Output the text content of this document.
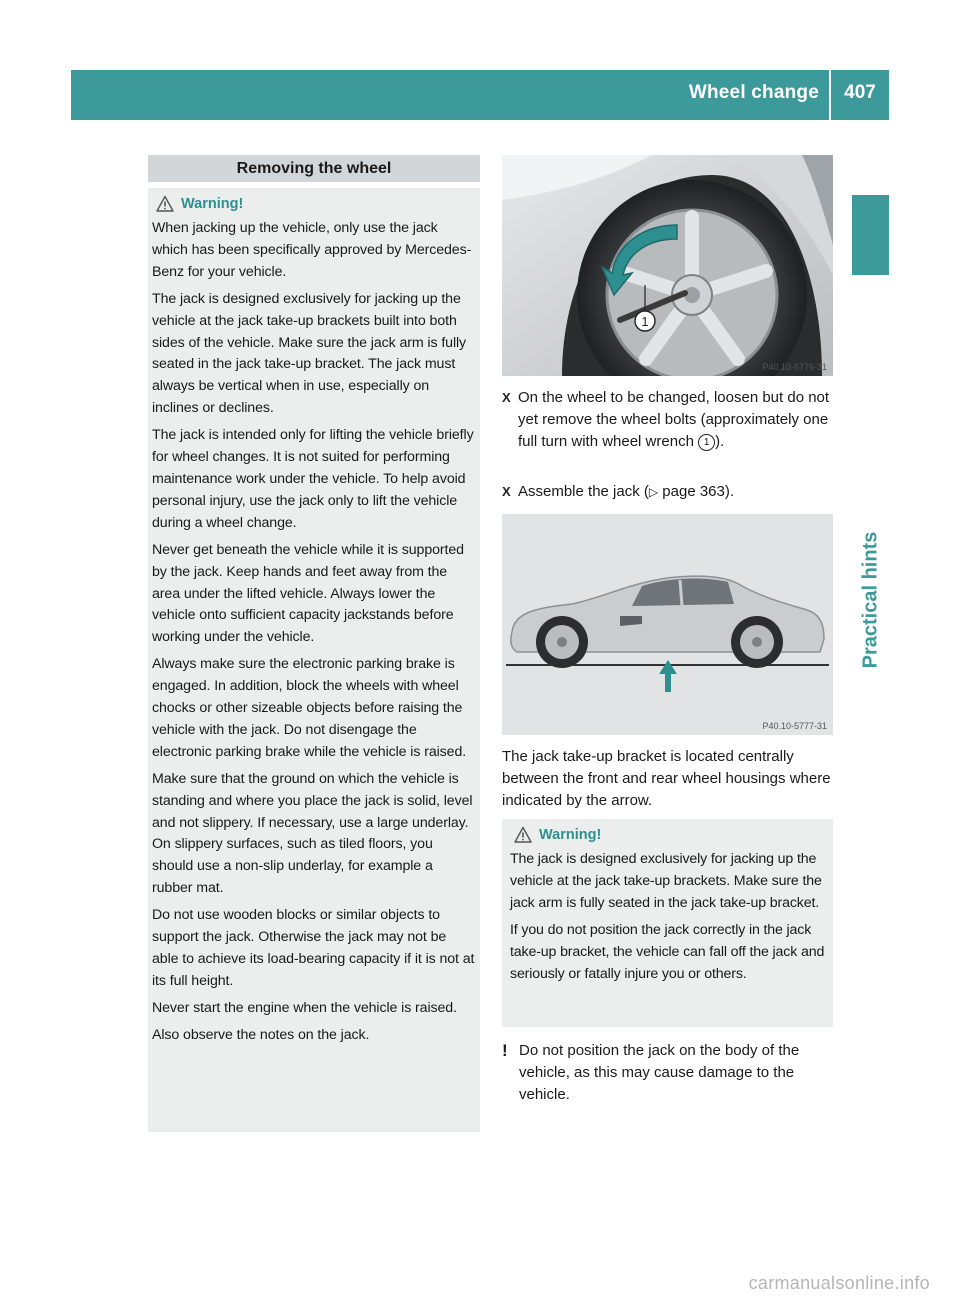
Wheel change	407
Practical hints
Removing the wheel
Warning!

When jacking up the vehicle, only use the jack which has been specifically approved by Mercedes-Benz for your vehicle.

The jack is designed exclusively for jacking up the vehicle at the jack take-up brackets built into both sides of the vehicle. Make sure the jack arm is fully seated in the jack take-up bracket. The jack must always be vertical when in use, especially on inclines or declines.

The jack is intended only for lifting the vehicle briefly for wheel changes. It is not suited for performing maintenance work under the vehicle. To help avoid personal injury, use the jack only to lift the vehicle during a wheel change.

Never get beneath the vehicle while it is supported by the jack. Keep hands and feet away from the area under the lifted vehicle. Always lower the vehicle onto sufficient capacity jackstands before working under the vehicle.

Always make sure the electronic parking brake is engaged. In addition, block the wheels with wheel chocks or other sizeable objects before raising the vehicle with the jack. Do not disengage the electronic parking brake while the vehicle is raised.

Make sure that the ground on which the vehicle is standing and where you place the jack is solid, level and not slippery. If necessary, use a large underlay. On slippery surfaces, such as tiled floors, you should use a non-slip underlay, for example a rubber mat.

Do not use wooden blocks or similar objects to support the jack. Otherwise the jack may not be able to achieve its load-bearing capacity if it is not at its full height.

Never start the engine when the vehicle is raised.

Also observe the notes on the jack.

1
P40.10-5776-31
X On the wheel to be changed, loosen but do not yet remove the wheel bolts (approximately one full turn with wheel wrench 1 ).
X Assemble the jack (▷ page 363).
P40.10-5777-31
The jack take-up bracket is located centrally between the front and rear wheel housings where indicated by the arrow.
Warning!

The jack is designed exclusively for jacking up the vehicle at the jack take-up brackets. Make sure the jack arm is fully seated in the jack take-up bracket.

If you do not position the jack correctly in the jack take-up bracket, the vehicle can fall off the jack and seriously or fatally injure you or others.

! Do not position the jack on the body of the vehicle, as this may cause damage to the vehicle.
carmanualsonline.info
